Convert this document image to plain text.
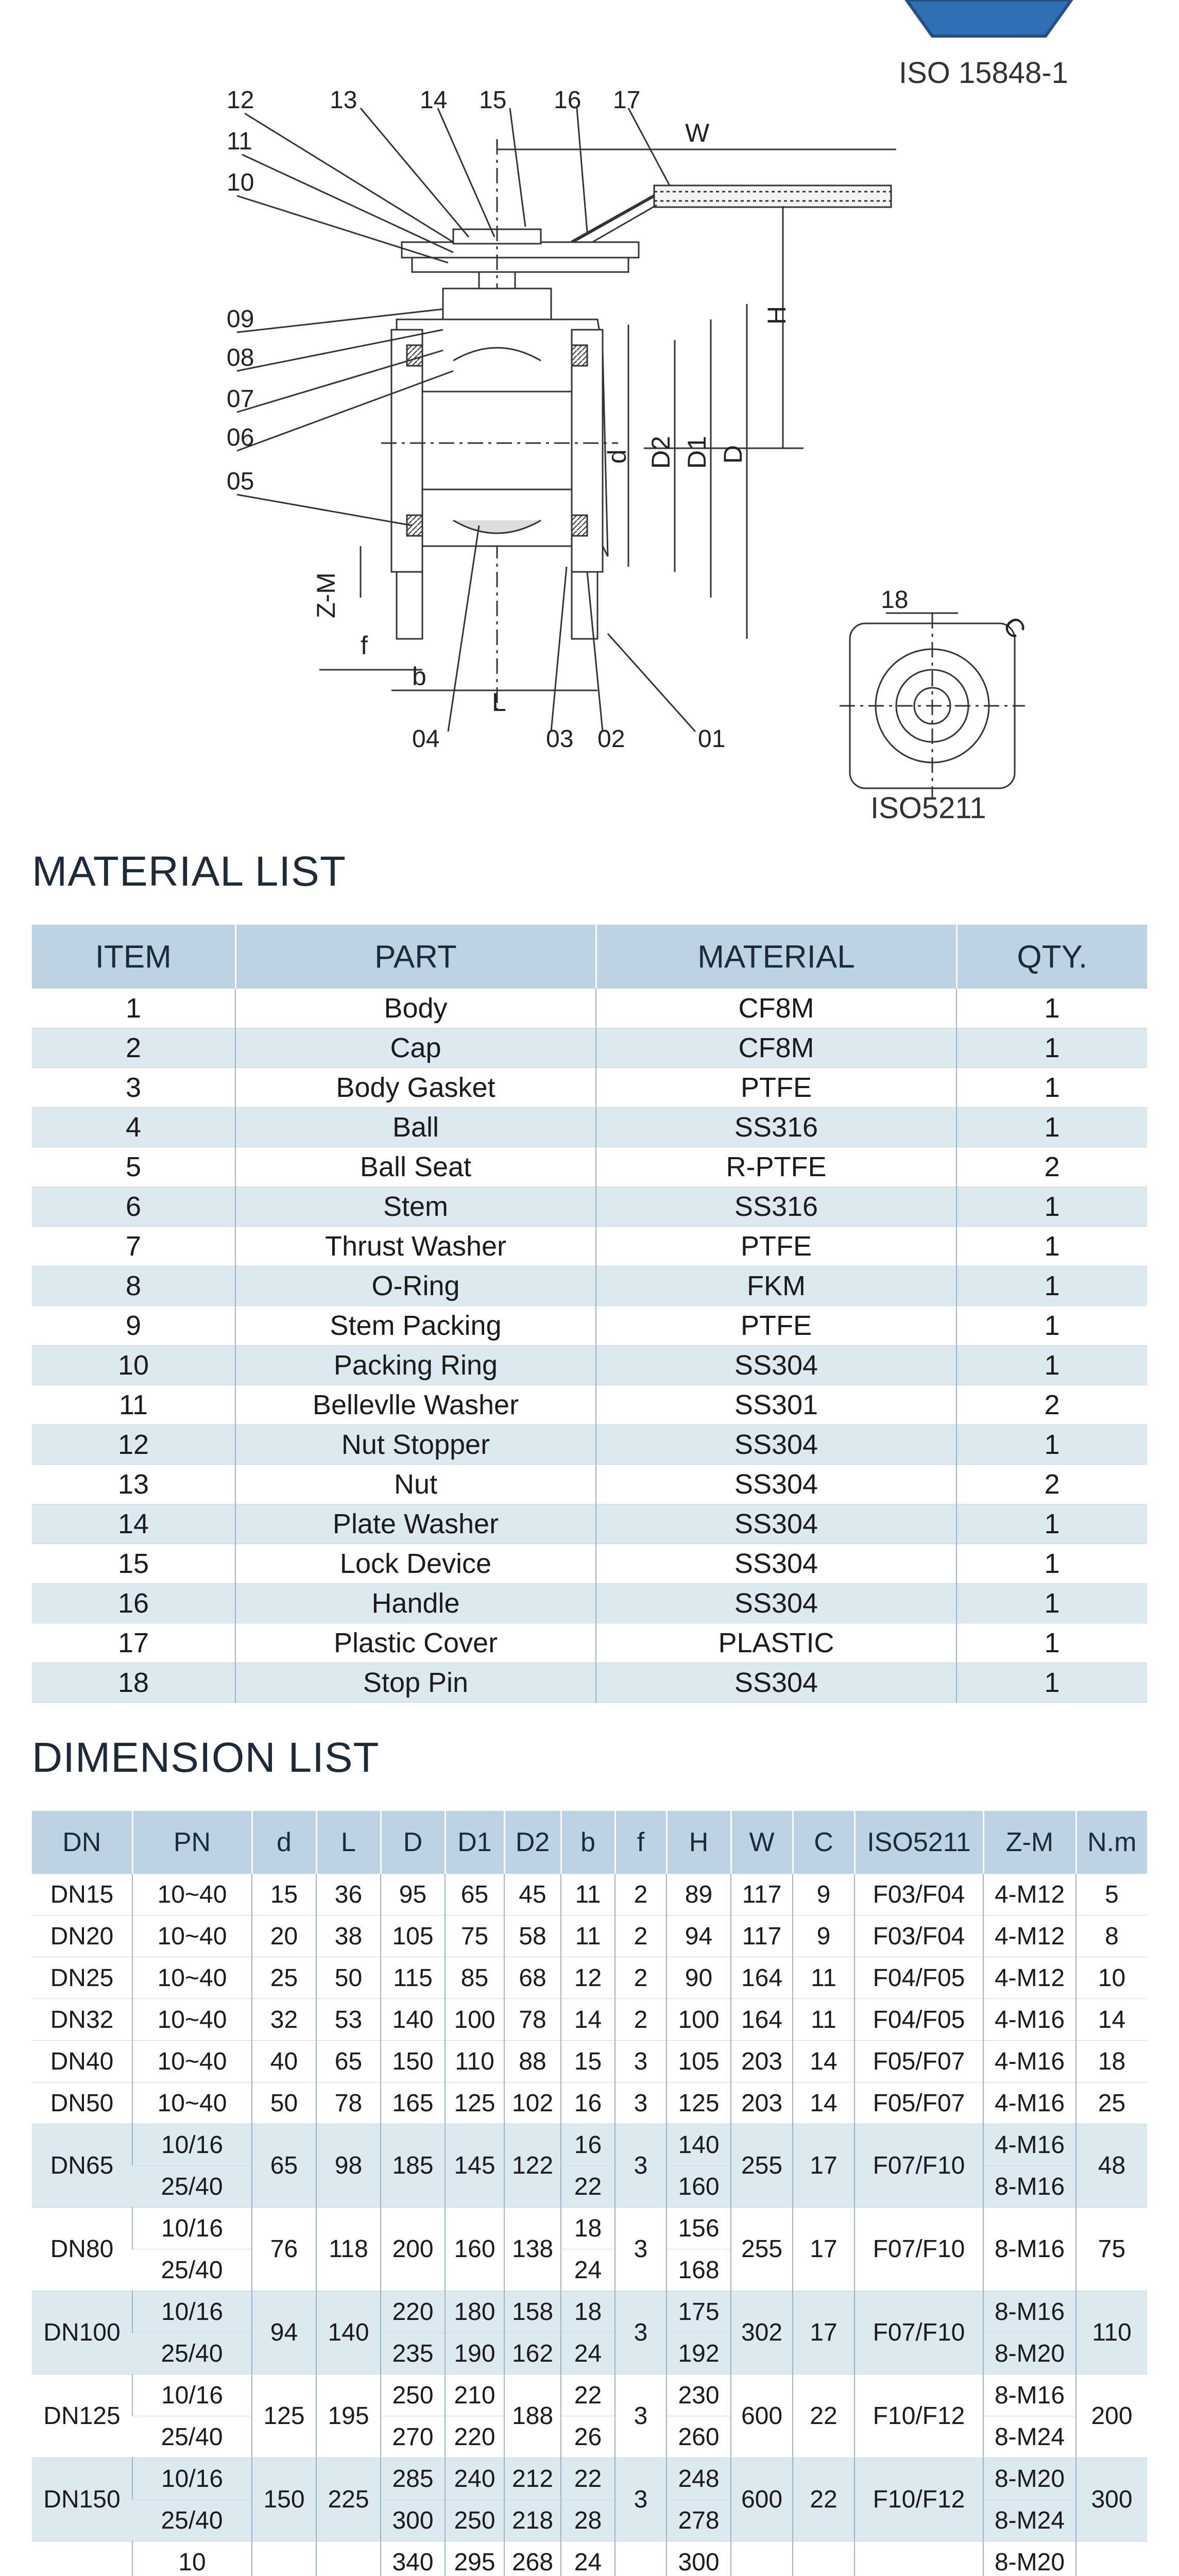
12	13	14 15 16 17
11
10
09
08
07
06
05
04	03 02	01
18
W
H
d D2 D1 D
Z-M
f
b
L
C
ISO 15848-1
ISO5211
MATERIAL LIST
ITEM	PART	MATERIAL	QTY.
1	Body	CF8M	1
2	Cap	CF8M	1
3	Body Gasket	PTFE	1
4	Ball	SS316	1
5	Ball Seat	R-PTFE	2
6	Stem	SS316	1
7	Thrust Washer	PTFE	1
8	O-Ring	FKM	1
9	Stem Packing	PTFE	1
10	Packing Ring	SS304	1
11	Bellevlle Washer	SS301	2
12	Nut Stopper	SS304	1
13	Nut	SS304	2
14	Plate Washer	SS304	1
15	Lock Device	SS304	1
16	Handle	SS304	1
17	Plastic Cover	PLASTIC	1
18	Stop Pin	SS304	1
DIMENSION LIST
DN	PN	d	L	D	D1	D2	b	f	H	W	C	ISO5211	Z-M	N.m
DN15	10~40	15	36	95	65	45	11	2	89	117	9	F03/F04	4-M12	5
DN20	10~40	20	38	105	75	58	11	2	94	117	9	F03/F04	4-M12	8
DN25	10~40	25	50	115	85	68	12	2	90	164	11	F04/F05	4-M12	10
DN32	10~40	32	53	140	100	78	14	2	100	164	11	F04/F05	4-M16	14
DN40	10~40	40	65	150	110	88	15	3	105	203	14	F05/F07	4-M16	18
DN50	10~40	50	78	165	125	102	16	3	125	203	14	F05/F07	4-M16	25
DN65	10/16	65	98	185	145	122	16	3	140	255	17	F07/F10	4-M16	48
	25/40						22		160				8-M16	
DN80	10/16	76	118	200	160	138	18	3	156	255	17	F07/F10	8-M16	75
	25/40						24		168					
DN100	10/16	94	140	220	180	158	18	3	175	302	17	F07/F10	8-M16	110
	25/40			235	190	162	24		192				8-M20	
DN125	10/16	125	195	250	210	188	22	3	230	600	22	F10/F12	8-M16	200
	25/40			270	220		26		260				8-M24	
DN150	10/16	150	225	285	240	212	22	3	248	600	22	F10/F12	8-M20	300
	25/40			300	250	218	28		278				8-M24	
	10			340	295	268	24		300				8-M20	
